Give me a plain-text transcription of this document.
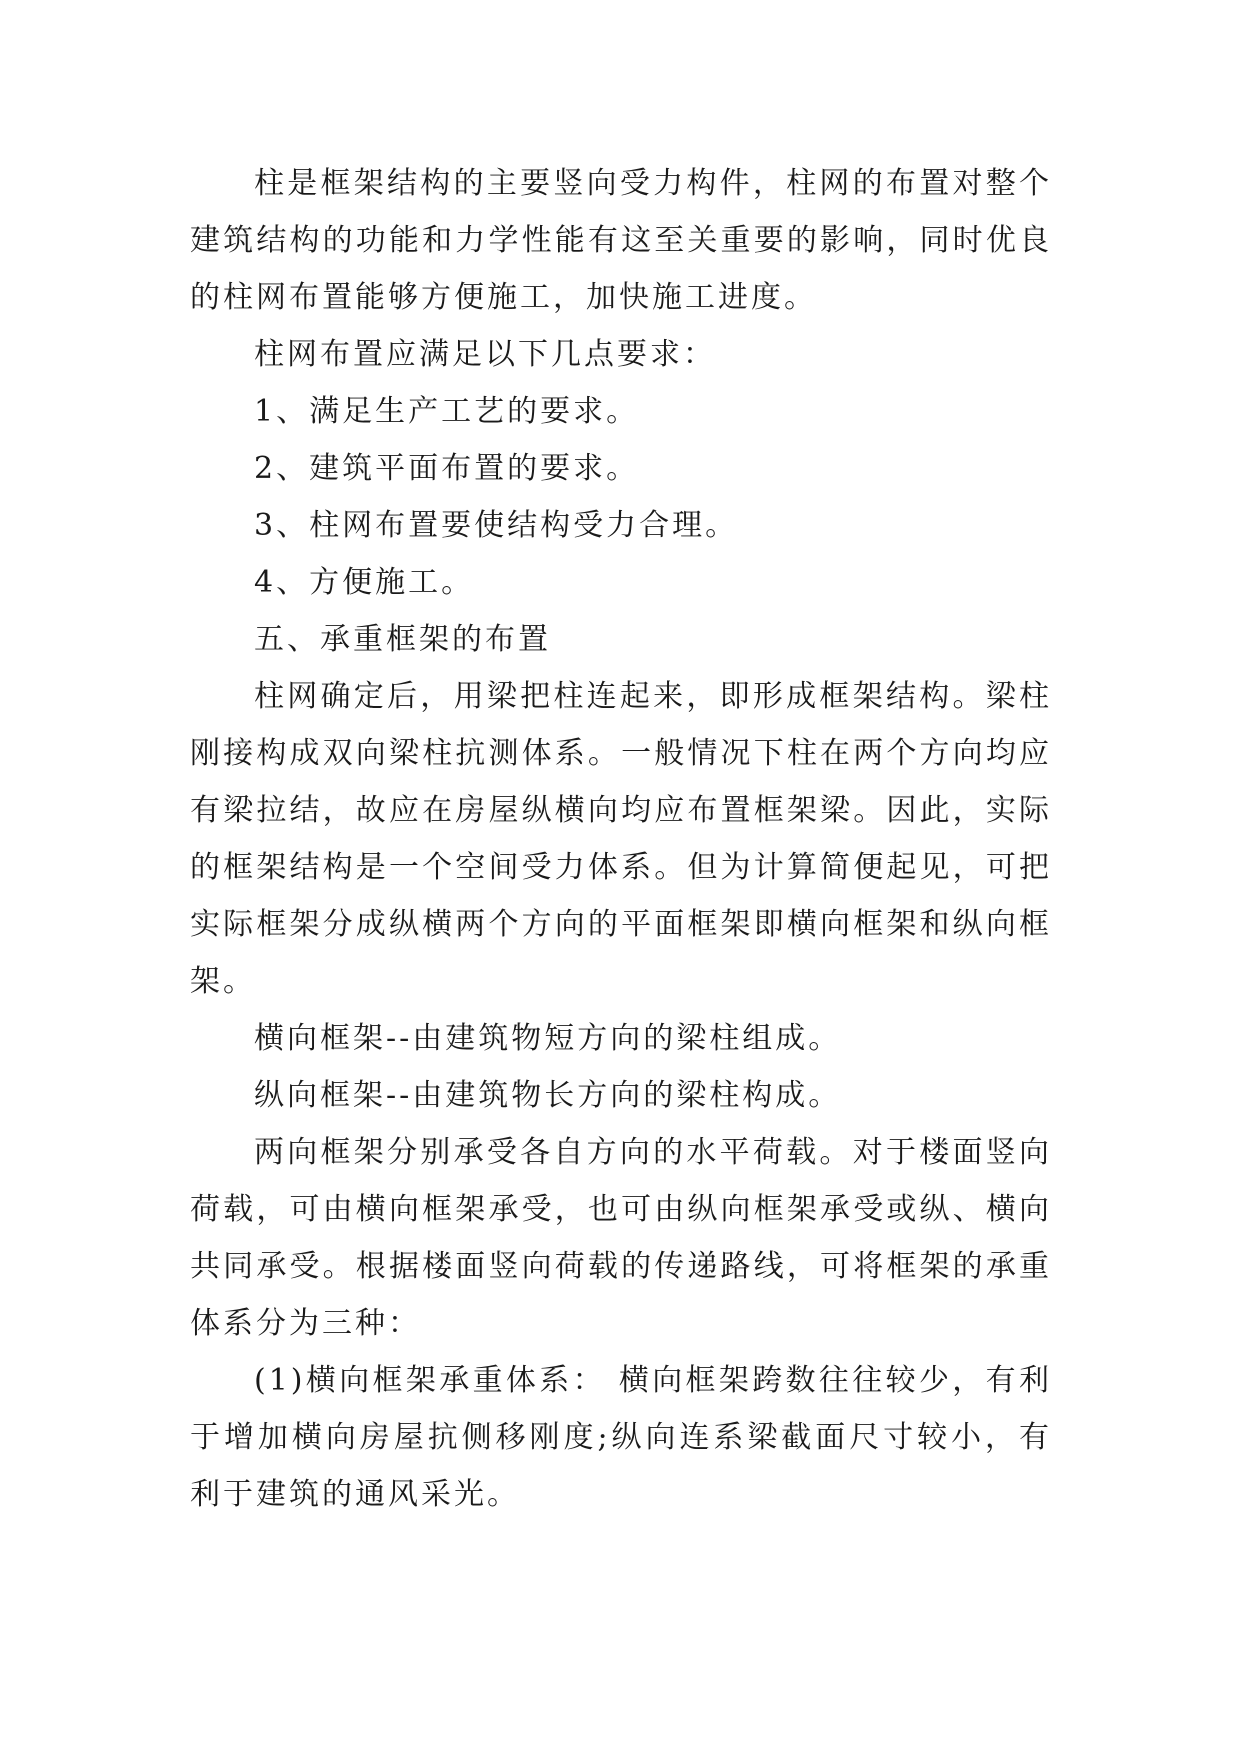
柱是框架结构的主要竖向受力构件，柱网的布置对整个建筑结构的功能和力学性能有这至关重要的影响，同时优良的柱网布置能够方便施工，加快施工进度。

柱网布置应满足以下几点要求：

1、满足生产工艺的要求。

2、建筑平面布置的要求。

3、柱网布置要使结构受力合理。

4、方便施工。

五、承重框架的布置

柱网确定后，用梁把柱连起来，即形成框架结构。梁柱刚接构成双向梁柱抗测体系。一般情况下柱在两个方向均应有梁拉结，故应在房屋纵横向均应布置框架梁。因此，实际的框架结构是一个空间受力体系。但为计算简便起见，可把实际框架分成纵横两个方向的平面框架即横向框架和纵向框架。

横向框架--由建筑物短方向的梁柱组成。

纵向框架--由建筑物长方向的梁柱构成。

两向框架分别承受各自方向的水平荷载。对于楼面竖向荷载，可由横向框架承受，也可由纵向框架承受或纵、横向共同承受。根据楼面竖向荷载的传递路线，可将框架的承重体系分为三种：

(1)横向框架承重体系： 横向框架跨数往往较少，有利于增加横向房屋抗侧移刚度;纵向连系梁截面尺寸较小，有利于建筑的通风采光。
